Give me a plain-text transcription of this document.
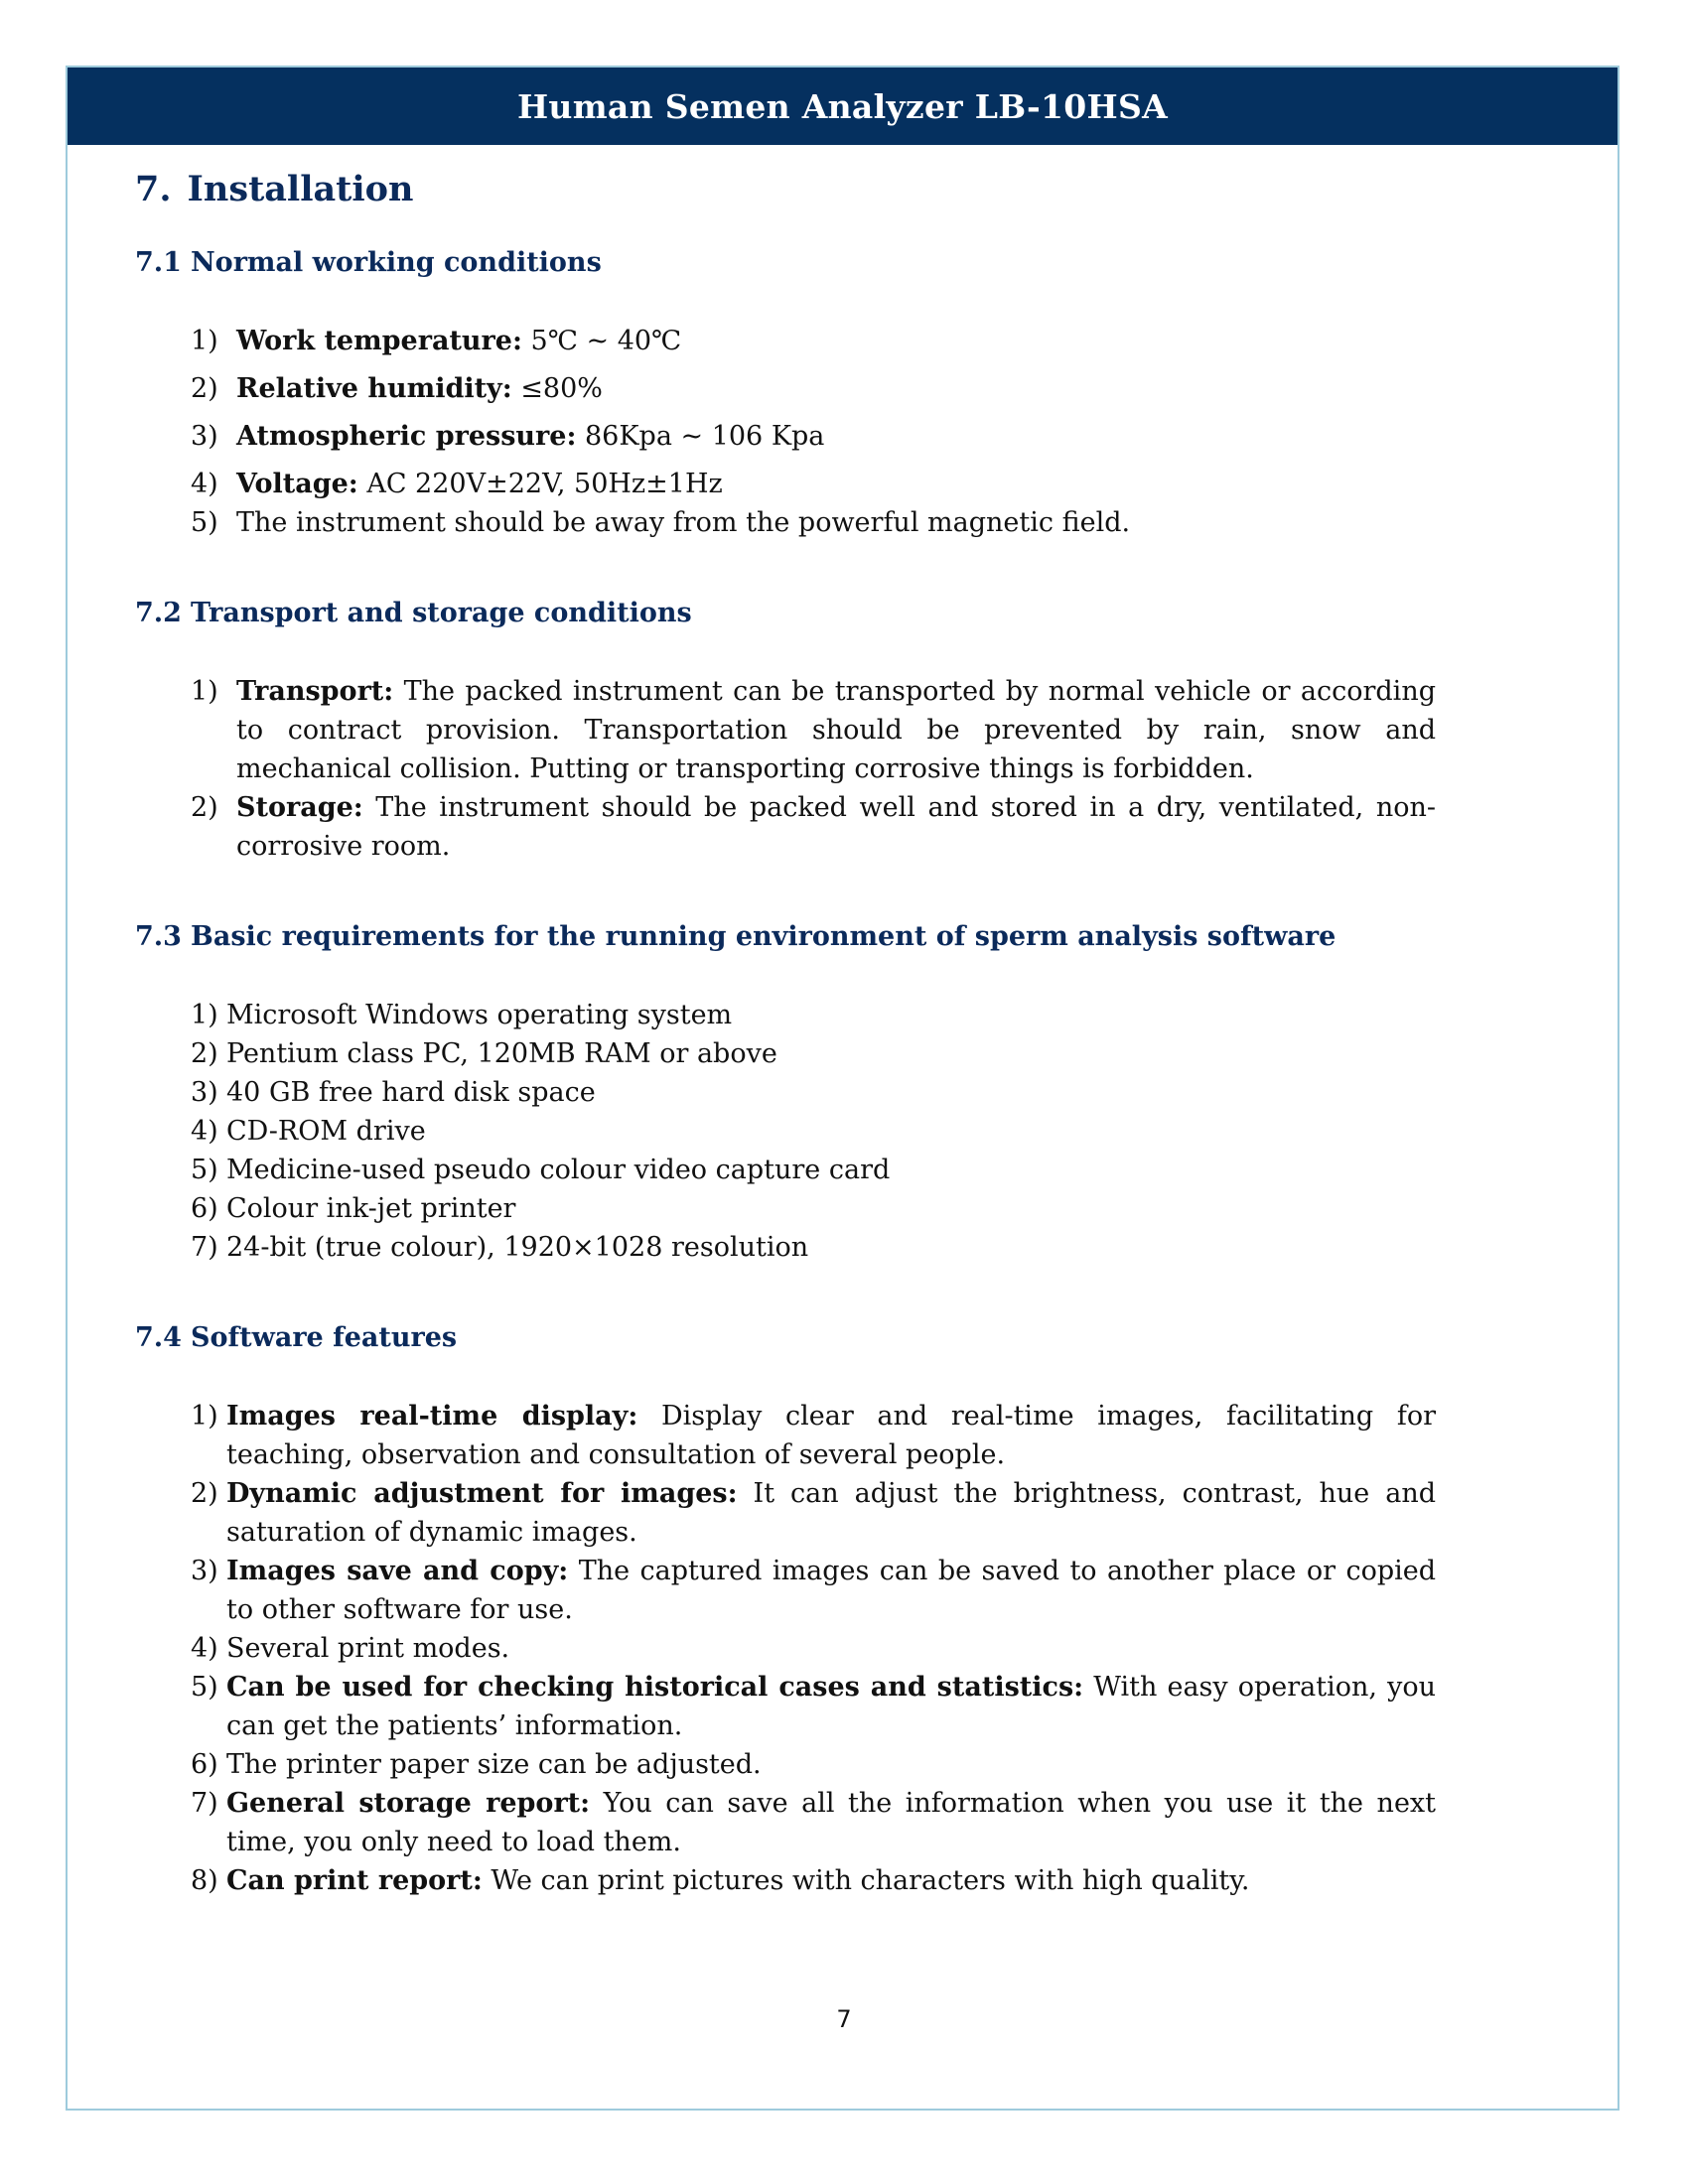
Human Semen Analyzer LB-10HSA
7. Installation
7.1 Normal working conditions
1) Work temperature: 5℃ ~ 40℃
2) Relative humidity: ≤80%
3) Atmospheric pressure: 86Kpa ~ 106 Kpa
4) Voltage: AC 220V±22V, 50Hz±1Hz
5) The instrument should be away from the powerful magnetic field.
7.2 Transport and storage conditions
1) Transport: The packed instrument can be transported by normal vehicle or according to contract provision. Transportation should be prevented by rain, snow and mechanical collision. Putting or transporting corrosive things is forbidden.
2) Storage: The instrument should be packed well and stored in a dry, ventilated, non-corrosive room.
7.3 Basic requirements for the running environment of sperm analysis software
1) Microsoft Windows operating system
2) Pentium class PC, 120MB RAM or above
3) 40 GB free hard disk space
4) CD-ROM drive
5) Medicine-used pseudo colour video capture card
6) Colour ink-jet printer
7) 24-bit (true colour), 1920×1028 resolution
7.4 Software features
1) Images real-time display: Display clear and real-time images, facilitating for teaching, observation and consultation of several people.
2) Dynamic adjustment for images: It can adjust the brightness, contrast, hue and saturation of dynamic images.
3) Images save and copy: The captured images can be saved to another place or copied to other software for use.
4) Several print modes.
5) Can be used for checking historical cases and statistics: With easy operation, you can get the patients’ information.
6) The printer paper size can be adjusted.
7) General storage report: You can save all the information when you use it the next time, you only need to load them.
8) Can print report: We can print pictures with characters with high quality.
7
